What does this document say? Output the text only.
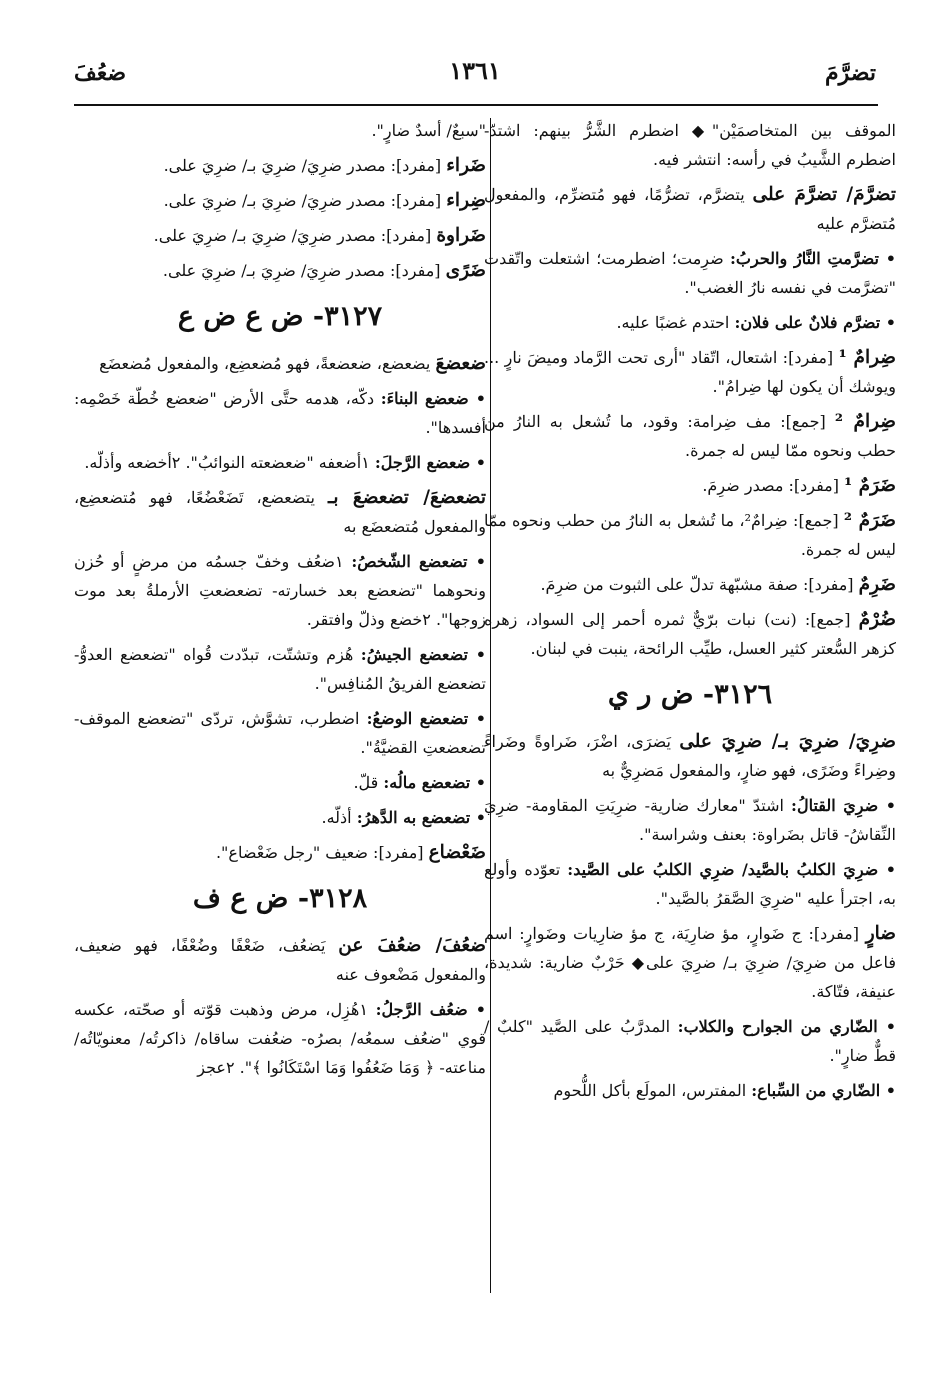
تضرَّمَ
١٣٦١
ضعُفَ
الموقف بين المتخاصمَيْن"◆ اضطرم الشَّرُّ بينهم: اشتدّ- اضطرم الشَّيبُ في رأسه: انتشر فيه.
تضرَّمَ/ تضرَّمَ على يتضرَّم، تضرُّمًا، فهو مُتضرِّم، والمفعول مُتضرَّم عليه
• تضرَّمتِ النَّارُ والحربُ: ضرِمت؛ اضطرمت؛ اشتعلت واتّقدت "تضرَّمت في نفسه نارُ الغضب".
• تضرَّم فلانٌ على فلان: احتدم غضبًا عليه.
ضِرامٌ ¹ [مفرد]: اشتعال، اتّقاد "أرى تحت الرَّماد وميضَ نارٍ ... ويوشك أن يكون لها ضِرامُ".
ضِرامٌ ² [جمع]: مف ضِرامة: وقود، ما تُشعل به النارُ من حطب ونحوه ممّا ليس له جمرة.
ضَرَمٌ ¹ [مفرد]: مصدر ضرِمَ.
ضَرَمٌ ² [جمع]: ضِرامٌ²، ما تُشعل به النارُ من حطب ونحوه ممّا ليس له جمرة.
ضَرِمٌ [مفرد]: صفة مشبّهة تدلّ على الثبوت من ضرِمَ.
ضُرْمٌ [جمع]: (نت) نبات برّيٌّ ثمره أحمر إلى السواد، زهره كزهر السُّعتر كثير العسل، طيِّب الرائحة، ينبت في لبنان.
٣١٢٦- ض ر ي
ضرِيَ/ ضرِيَ بـ/ ضرِيَ على يَضرَى، اضْرَ، ضَراوةً وضَراءً وضِراءً وضَرًى، فهو ضارٍ، والمفعول مَضرِيٌّ به
• ضرِيَ القتالُ: اشتدّ "معارك ضارية- ضرِيَتِ المقاومة- ضرِيَ النِّقاشُ- قاتل بضَراوة: بعنف وشراسة".
• ضرِيَ الكلبُ بالصَّيد/ ضرِي الكلبُ على الصَّيد: تعوّده وأولع به، اجترأ عليه "ضرِيَ الصَّقرُ بالصَّيد".
ضارٍ [مفرد]: ج ضَوارٍ، مؤ ضارِيَة، ج مؤ ضارِيات وضَوارٍ: اسم فاعل من ضرِيَ/ ضرِيَ بـ/ ضرِيَ على◆ حَرْبٌ ضارية: شديدة، عنيفة، فتّاكة.
• الضّاري من الجوارح والكلاب: المدرَّبُ على الصَّيد "كلبٌ / قطٌّ ضارٍ".
• الضّاري من السِّباع: المفترس، المولَع بأكل اللُّحوم
"سبعٌ/ أسدٌ ضارٍ".
ضَراء [مفرد]: مصدر ضرِيَ/ ضرِيَ بـ/ ضرِيَ على.
ضِراء [مفرد]: مصدر ضرِيَ/ ضرِيَ بـ/ ضرِيَ على.
ضَراوة [مفرد]: مصدر ضرِيَ/ ضرِيَ بـ/ ضرِيَ على.
ضَرًى [مفرد]: مصدر ضرِيَ/ ضرِيَ بـ/ ضرِيَ على.
٣١٢٧- ض ع ض ع
ضعضعَ يضعضع، ضعضعةً، فهو مُضعضِع، والمفعول مُضعضَع
• ضعضع البناءَ: دكّه، هدمه حتَّى الأرض "ضعضع خُطّة خَصْمِه: أفسدها".
• ضعضع الرَّجلَ: ١أضعفه "ضعضعته النوائبُ". ٢أخضعه وأذلّه.
تضعضعَ/ تضعضعَ بـ يتضعضع، تَضَعْضُعًا، فهو مُتضعضِع، والمفعول مُتضعضَع به
• تضعضع الشّخصُ: ١ضعُف وخفّ جسمُه من مرضٍ أو حُزن ونحوهما "تضعضع بعد خسارته- تضعضعتِ الأرملةُ بعد موت زوجها". ٢خضع وذلّ وافتقر.
• تضعضع الجيشُ: هُزم وتشتّت، تبدّدت قُواه "تضعضع العدوُّ- تضعضع الفريقُ المُنافِس".
• تضعضع الوضعُ: اضطرب، تشوَّش، تردّى "تضعضع الموقف- تضعضعتِ القضيَّةُ".
• تضعضع مالُه: قلّ.
• تضعضع به الدَّهرُ: أذلّه.
ضَعْضاع [مفرد]: ضعيف "رجل ضَعْضاع".
٣١٢٨- ض ع ف
ضعُفَ/ ضعُفَ عن يَضعُف، ضَعْفًا وضُعْفًا، فهو ضعيف، والمفعول مَضْعوف عنه
• ضعُف الرَّجلُ: ١هُزِل، مرض وذهبت قوّته أو صحّته، عكسه قوي "ضعُف سمعُه/ بصرُه- ضعُفت ساقاه/ ذاكرتُه/ معنويّاتُه/ مناعته- ﴿ وَمَا ضَعُفُوا وَمَا اسْتَكَانُوا ﴾". ٢عجز
